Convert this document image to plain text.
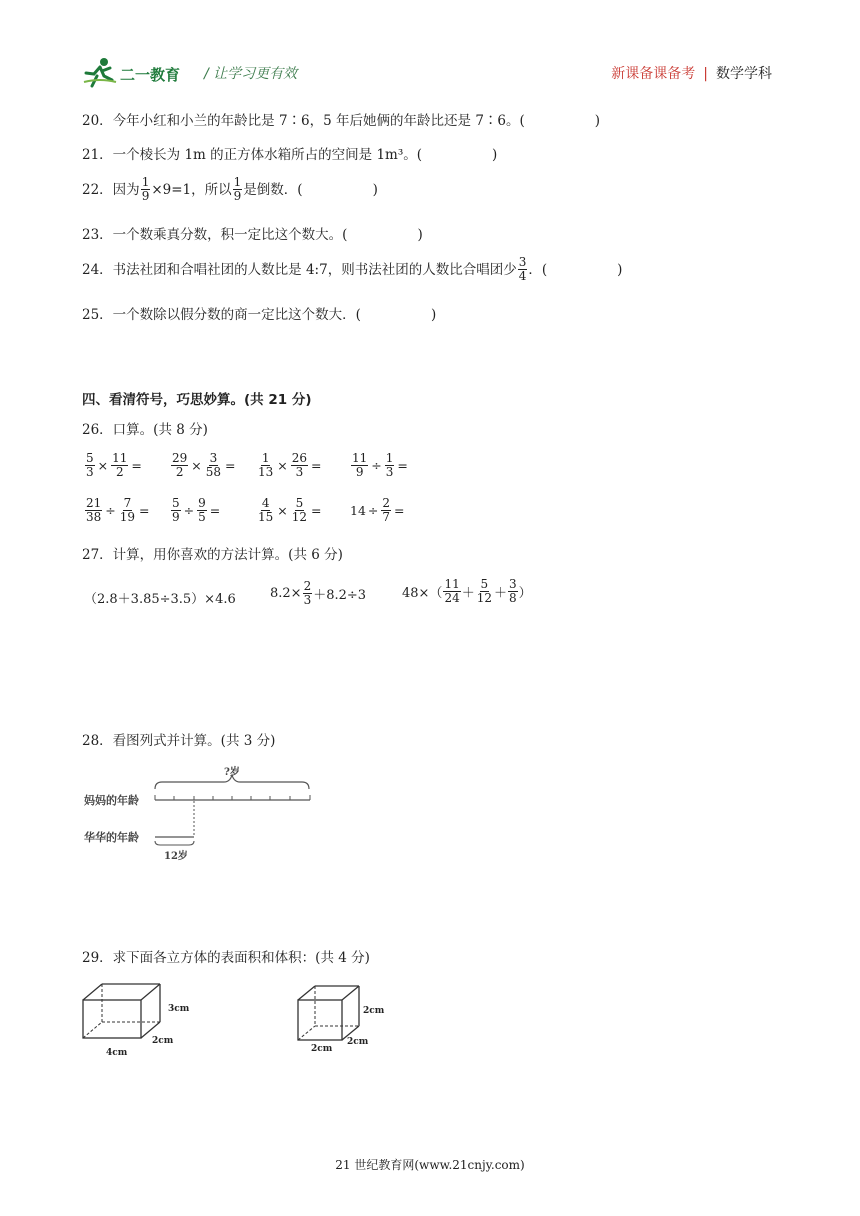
二一教育 / 让学习更有效	新课备课备考 | 数学学科
20．今年小红和小兰的年龄比是 7∶6，5 年后她俩的年龄比还是 7∶6。(	)
21．一个棱长为 1m 的正方体水箱所占的空间是 1m³。(	)
22．因为 $\frac{1}{9} \times 9=1$，所以 $\frac{1}{9}$ 是倒数．(	)
23．一个数乘真分数，积一定比这个数大。(	)
24．书法社团和合唱社团的人数比是 4:7，则书法社团的人数比合唱团少 $\frac{3}{4}$ ．(	)
25．一个数除以假分数的商一定比这个数大．(	)
四、看清符号，巧思妙算。(共 21 分)
26．口算。(共 8 分)
$\frac{5}{3} \times \frac{11}{2} = \frac{29}{2} \times \frac{3}{58} = \frac{1}{13} \times \frac{26}{3} = \frac{11}{9} \div \frac{1}{3}$ =
$\frac{21}{38} \div \frac{7}{19} = \frac{5}{9} \div \frac{9}{5}$ =	$\frac{4}{15} \times \frac{5}{12} = 14 \div \frac{2}{7}$ =
27．计算，用你喜欢的方法计算。(共 6 分)
（2.8＋3.85÷3.5）×4.6	$8.2\times \frac{2}{3} +8.2\div 3$	$48\times( \frac{11}{24} + \frac{5}{12} + \frac{3}{8}$ ）
28．看图列式并计算。(共 3 分)
?岁
妈妈的年龄
华华的年龄
12岁
29．求下面各立方体的表面积和体积：(共 4 分)
3cm
2cm
4cm
2cm
2cm
2cm
21 世纪教育网(www.21cnjy.com)
